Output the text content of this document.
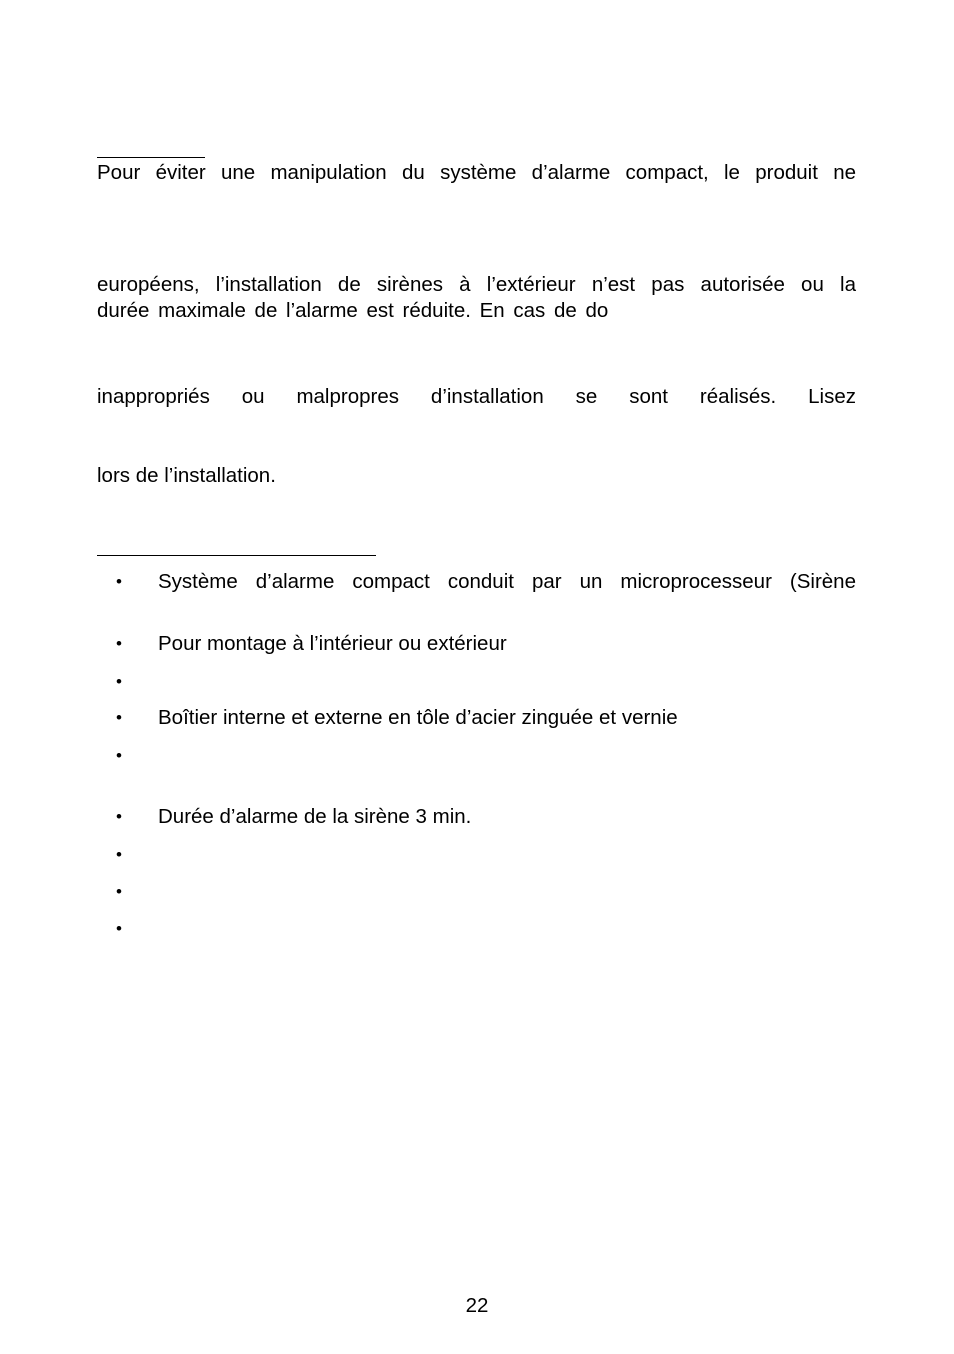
Pour éviter une manipulation du système d’alarme compact, le produit ne
européens, l’installation de sirènes à l’extérieur n’est pas autorisée ou la
durée maximale de l’alarme est réduite. En cas de do
inappropriés ou malpropres d’installation se sont réalisés. Lisez
lors de l’installation.
•	Système d’alarme compact conduit par un microprocesseur (Sirène
•	Pour montage à l’intérieur ou extérieur
•
•	Boîtier interne et externe en tôle d’acier zinguée et vernie
•
•	Durée d’alarme de la sirène 3 min.
•
•
•
22
